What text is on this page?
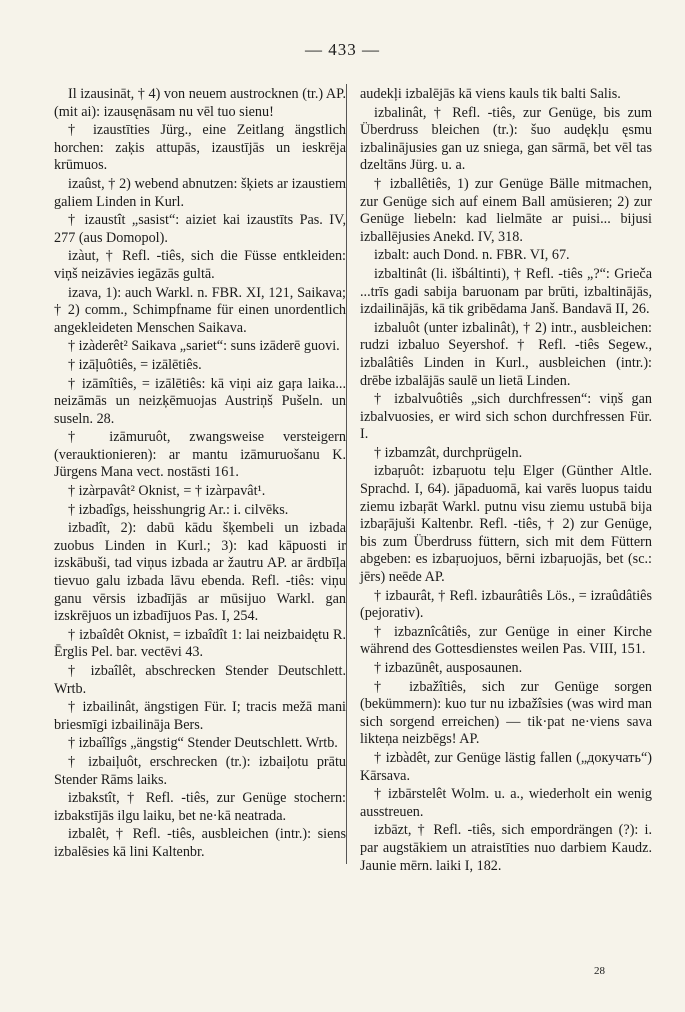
— 433 —

Il izausināt, † 4) von neuem austrocknen (tr.) AP. (mit ai): izausęnāsam nu vēl tuo sienu!

† izaustīties Jürg., eine Zeitlang ängstlich horchen: zaķis attupās, izaustījās un ieskrēja krūmuos.

izaûst, † 2) webend abnutzen: šķiets ar izaustiem galiem Linden in Kurl.

† izaustît „sasist“: aiziet kai izaustīts Pas. IV, 277 (aus Domopol).

izàut, † Refl. -tiês, sich die Füsse entkleiden: viņš neizāvies iegāzās gultā.

izava, 1): auch Warkl. n. FBR. XI, 121, Saikava; † 2) comm., Schimpfname für einen unordentlich angekleideten Menschen Saikava.

† izàderêt² Saikava „sariet“: suns izāderē guovi.

† izāļuôtiês, = izālētiês.

† izāmîtiês, = izālētiês: kā viņi aiz gaŗa laika... neizāmās un neizķēmuojas Austriņš Pušeln. un suseln. 28.

† izāmuruôt, zwangsweise versteigern (verauktionieren): ar mantu izāmuruošanu K. Jürgens Mana vect. nostāsti 161.

† izàrpavât² Oknist, = † izàrpavât¹.

† izbadîgs, heisshungrig Ar.: i. cilvēks.

izbadît, 2): dabū kādu šķembeli un izbada zuobus Linden in Kurl.; 3): kad kāpuosti ir izskābuši, tad viņus izbada ar žautru AP. ar ārdbīļa tievuo galu izbada lāvu ebenda. Refl. -tiês: viņu ganu vērsis izbadījās ar mūsijuo Warkl. gan izskrējuos un izbadījuos Pas. I, 254.

† izbaîdêt Oknist, = izbaîdît 1: lai neizbaidętu R. Ērglis Pel. bar. vectēvi 43.

† izbaîlêt, abschrecken Stender Deutschlett. Wrtb.

† izbailinât, ängstigen Für. I; tracis mežā mani briesmīgi izbailināja Bers.

† izbaîlîgs „ängstig“ Stender Deutschlett. Wrtb.

† izbaiļuôt, erschrecken (tr.): izbaiļotu prātu Stender Rāms laiks.

izbakstît, † Refl. -tiês, zur Genüge stochern: izbakstījās ilgu laiku, bet ne·kā neatrada.

izbalêt, † Refl. -tiês, ausbleichen (intr.): siens izbalēsies kā lini Kaltenbr.

audekļi izbalējās kā viens kauls tik balti Salis.

izbalinât, † Refl. -tiês, zur Genüge, bis zum Überdruss bleichen (tr.): šuo audękļu ęsmu izbalinājusies gan uz sniega, gan sārmā, bet vēl tas dzeltāns Jürg. u. a.

† izballêtiês, 1) zur Genüge Bälle mitmachen, zur Genüge sich auf einem Ball amüsieren; 2) zur Genüge liebeln: kad lielmāte ar puisi... bijusi izballējusies Anekd. IV, 318.

izbalt: auch Dond. n. FBR. VI, 67.

izbaltinât (li. išbáltinti), † Refl. -tiês „?“: Grieča ...trīs gadi sabija baruonam par brūti, izbaltinājās, izdailinājās, kā tik gribēdama Janš. Bandavā II, 26.

izbaluôt (unter izbalinât), † 2) intr., ausbleichen: rudzi izbaluo Seyershof. † Refl. -tiês Segew., izbalâtiês Linden in Kurl., ausbleichen (intr.): drēbe izbalājās saulē un lietā Linden.

† izbalvuôtiês „sich durchfressen“: viņš gan izbalvuosies, er wird sich schon durchfressen Für. I.

† izbamzât, durchprügeln.

izbaŗuôt: izbaŗuotu teļu Elger (Günther Altle. Sprachd. I, 64). jāpaduomā, kai varēs luopus taidu ziemu izbaŗāt Warkl. putnu visu ziemu ustubā bija izbaŗājuši Kaltenbr. Refl. -tiês, † 2) zur Genüge, bis zum Überdruss füttern, sich mit dem Füttern abgeben: es izbaŗuojuos, bērni izbaŗuojās, bet (sc.: jērs) neēde AP.

† izbaurât, † Refl. izbaurâtiês Lös., = izraûdâtiês (pejorativ).

† izbaznîcâtiês, zur Genüge in einer Kirche während des Gottesdienstes weilen Pas. VIII, 151.

† izbazūnêt, ausposaunen.

† izbažîtiês, sich zur Genüge sorgen (bekümmern): kuo tur nu izbažîsies (was wird man sich sorgend erreichen) — tik·pat ne·viens sava likteņa neizbēgs! AP.

† izbàdêt, zur Genüge lästig fallen („докучать“) Kārsava.

† izbārstelêt Wolm. u. a., wiederholt ein wenig ausstreuen.

izbāzt, † Refl. -tiês, sich empordrängen (?): i. par augstākiem un atraistīties nuo darbiem Kaudz. Jaunie mērn. laiki I, 182.

28
